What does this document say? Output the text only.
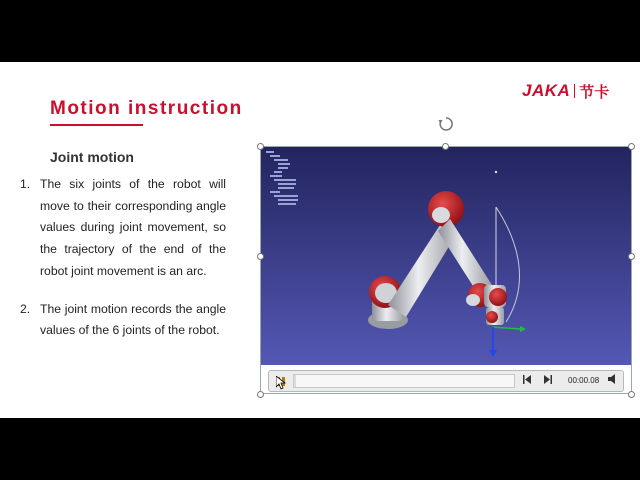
Motion instruction
JAKA 节卡
Joint motion
1. The six joints of the robot will move to their corresponding angle values during joint movement, so the trajectory of the end of the robot joint movement is an arc.
2. The joint motion records the angle values of the 6 joints of the robot.
00:00.08
